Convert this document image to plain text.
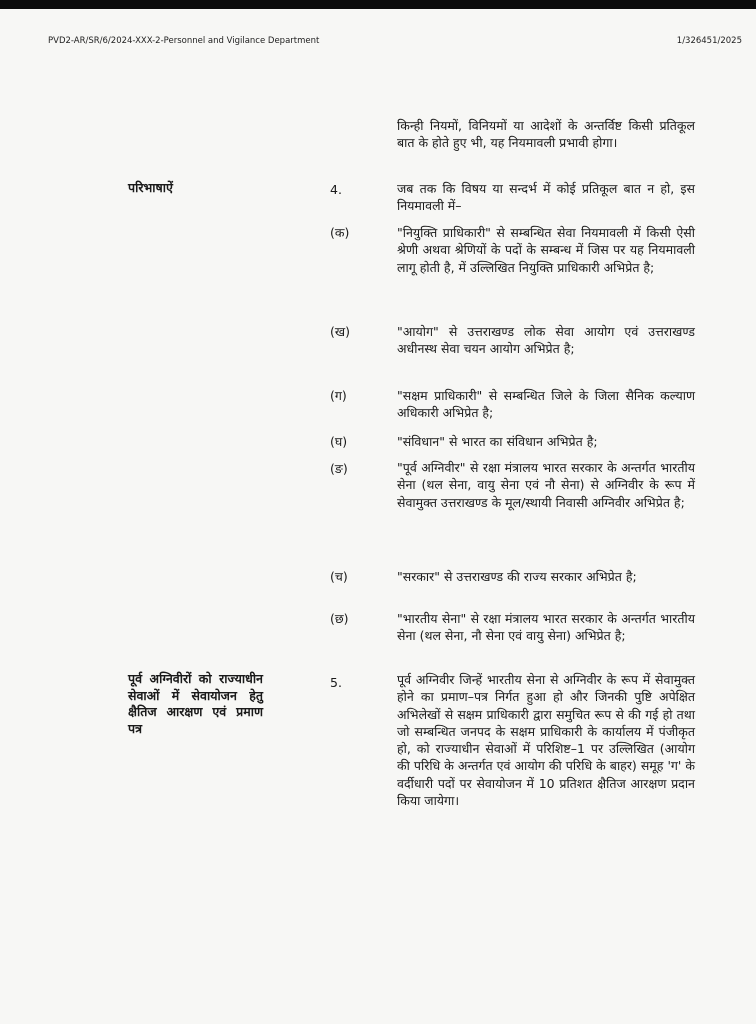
PVD2-AR/SR/6/2024-XXX-2-Personnel and Vigilance Department	1/326451/2025
किन्ही नियमों, विनियमों या आदेशों के अन्तर्विष्ट किसी प्रतिकूल बात के होते हुए भी, यह नियमावली प्रभावी होगा।
परिभाषाऐं	4.	जब तक कि विषय या सन्दर्भ में कोई प्रतिकूल बात न हो, इस नियमावली में–
(क)	"नियुक्ति प्राधिकारी" से सम्बन्धित सेवा नियमावली में किसी ऐसी श्रेणी अथवा श्रेणियों के पदों के सम्बन्ध में जिस पर यह नियमावली लागू होती है, में उल्लिखित नियुक्ति प्राधिकारी अभिप्रेत है;
(ख)	"आयोग" से उत्तराखण्ड लोक सेवा आयोग एवं उत्तराखण्ड अधीनस्थ सेवा चयन आयोग अभिप्रेत है;
(ग)	"सक्षम प्राधिकारी" से सम्बन्धित जिले के जिला सैनिक कल्याण अधिकारी अभिप्रेत है;
(घ)	"संविधान" से भारत का संविधान अभिप्रेत है;
(ङ)	"पूर्व अग्निवीर" से रक्षा मंत्रालय भारत सरकार के अन्तर्गत भारतीय सेना (थल सेना, वायु सेना एवं नौ सेना) से अग्निवीर के रूप में सेवामुक्त उत्तराखण्ड के मूल/स्थायी निवासी अग्निवीर अभिप्रेत है;
(च)	"सरकार" से उत्तराखण्ड की राज्य सरकार अभिप्रेत है;
(छ)	"भारतीय सेना" से रक्षा मंत्रालय भारत सरकार के अन्तर्गत भारतीय सेना (थल सेना, नौ सेना एवं वायु सेना) अभिप्रेत है;
पूर्व अग्निवीरों को राज्याधीन सेवाओं में सेवायोजन हेतु क्षैतिज आरक्षण एवं प्रमाण पत्र
5.	पूर्व अग्निवीर जिन्हें भारतीय सेना से अग्निवीर के रूप में सेवामुक्त होने का प्रमाण–पत्र निर्गत हुआ हो और जिनकी पुष्टि अपेक्षित अभिलेखों से सक्षम प्राधिकारी द्वारा समुचित रूप से की गई हो तथा जो सम्बन्धित जनपद के सक्षम प्राधिकारी के कार्यालय में पंजीकृत हो, को राज्याधीन सेवाओं में परिशिष्ट–1 पर उल्लिखित (आयोग की परिधि के अन्तर्गत एवं आयोग की परिधि के बाहर) समूह 'ग' के वर्दीधारी पदों पर सेवायोजन में 10 प्रतिशत क्षैतिज आरक्षण प्रदान किया जायेगा।
